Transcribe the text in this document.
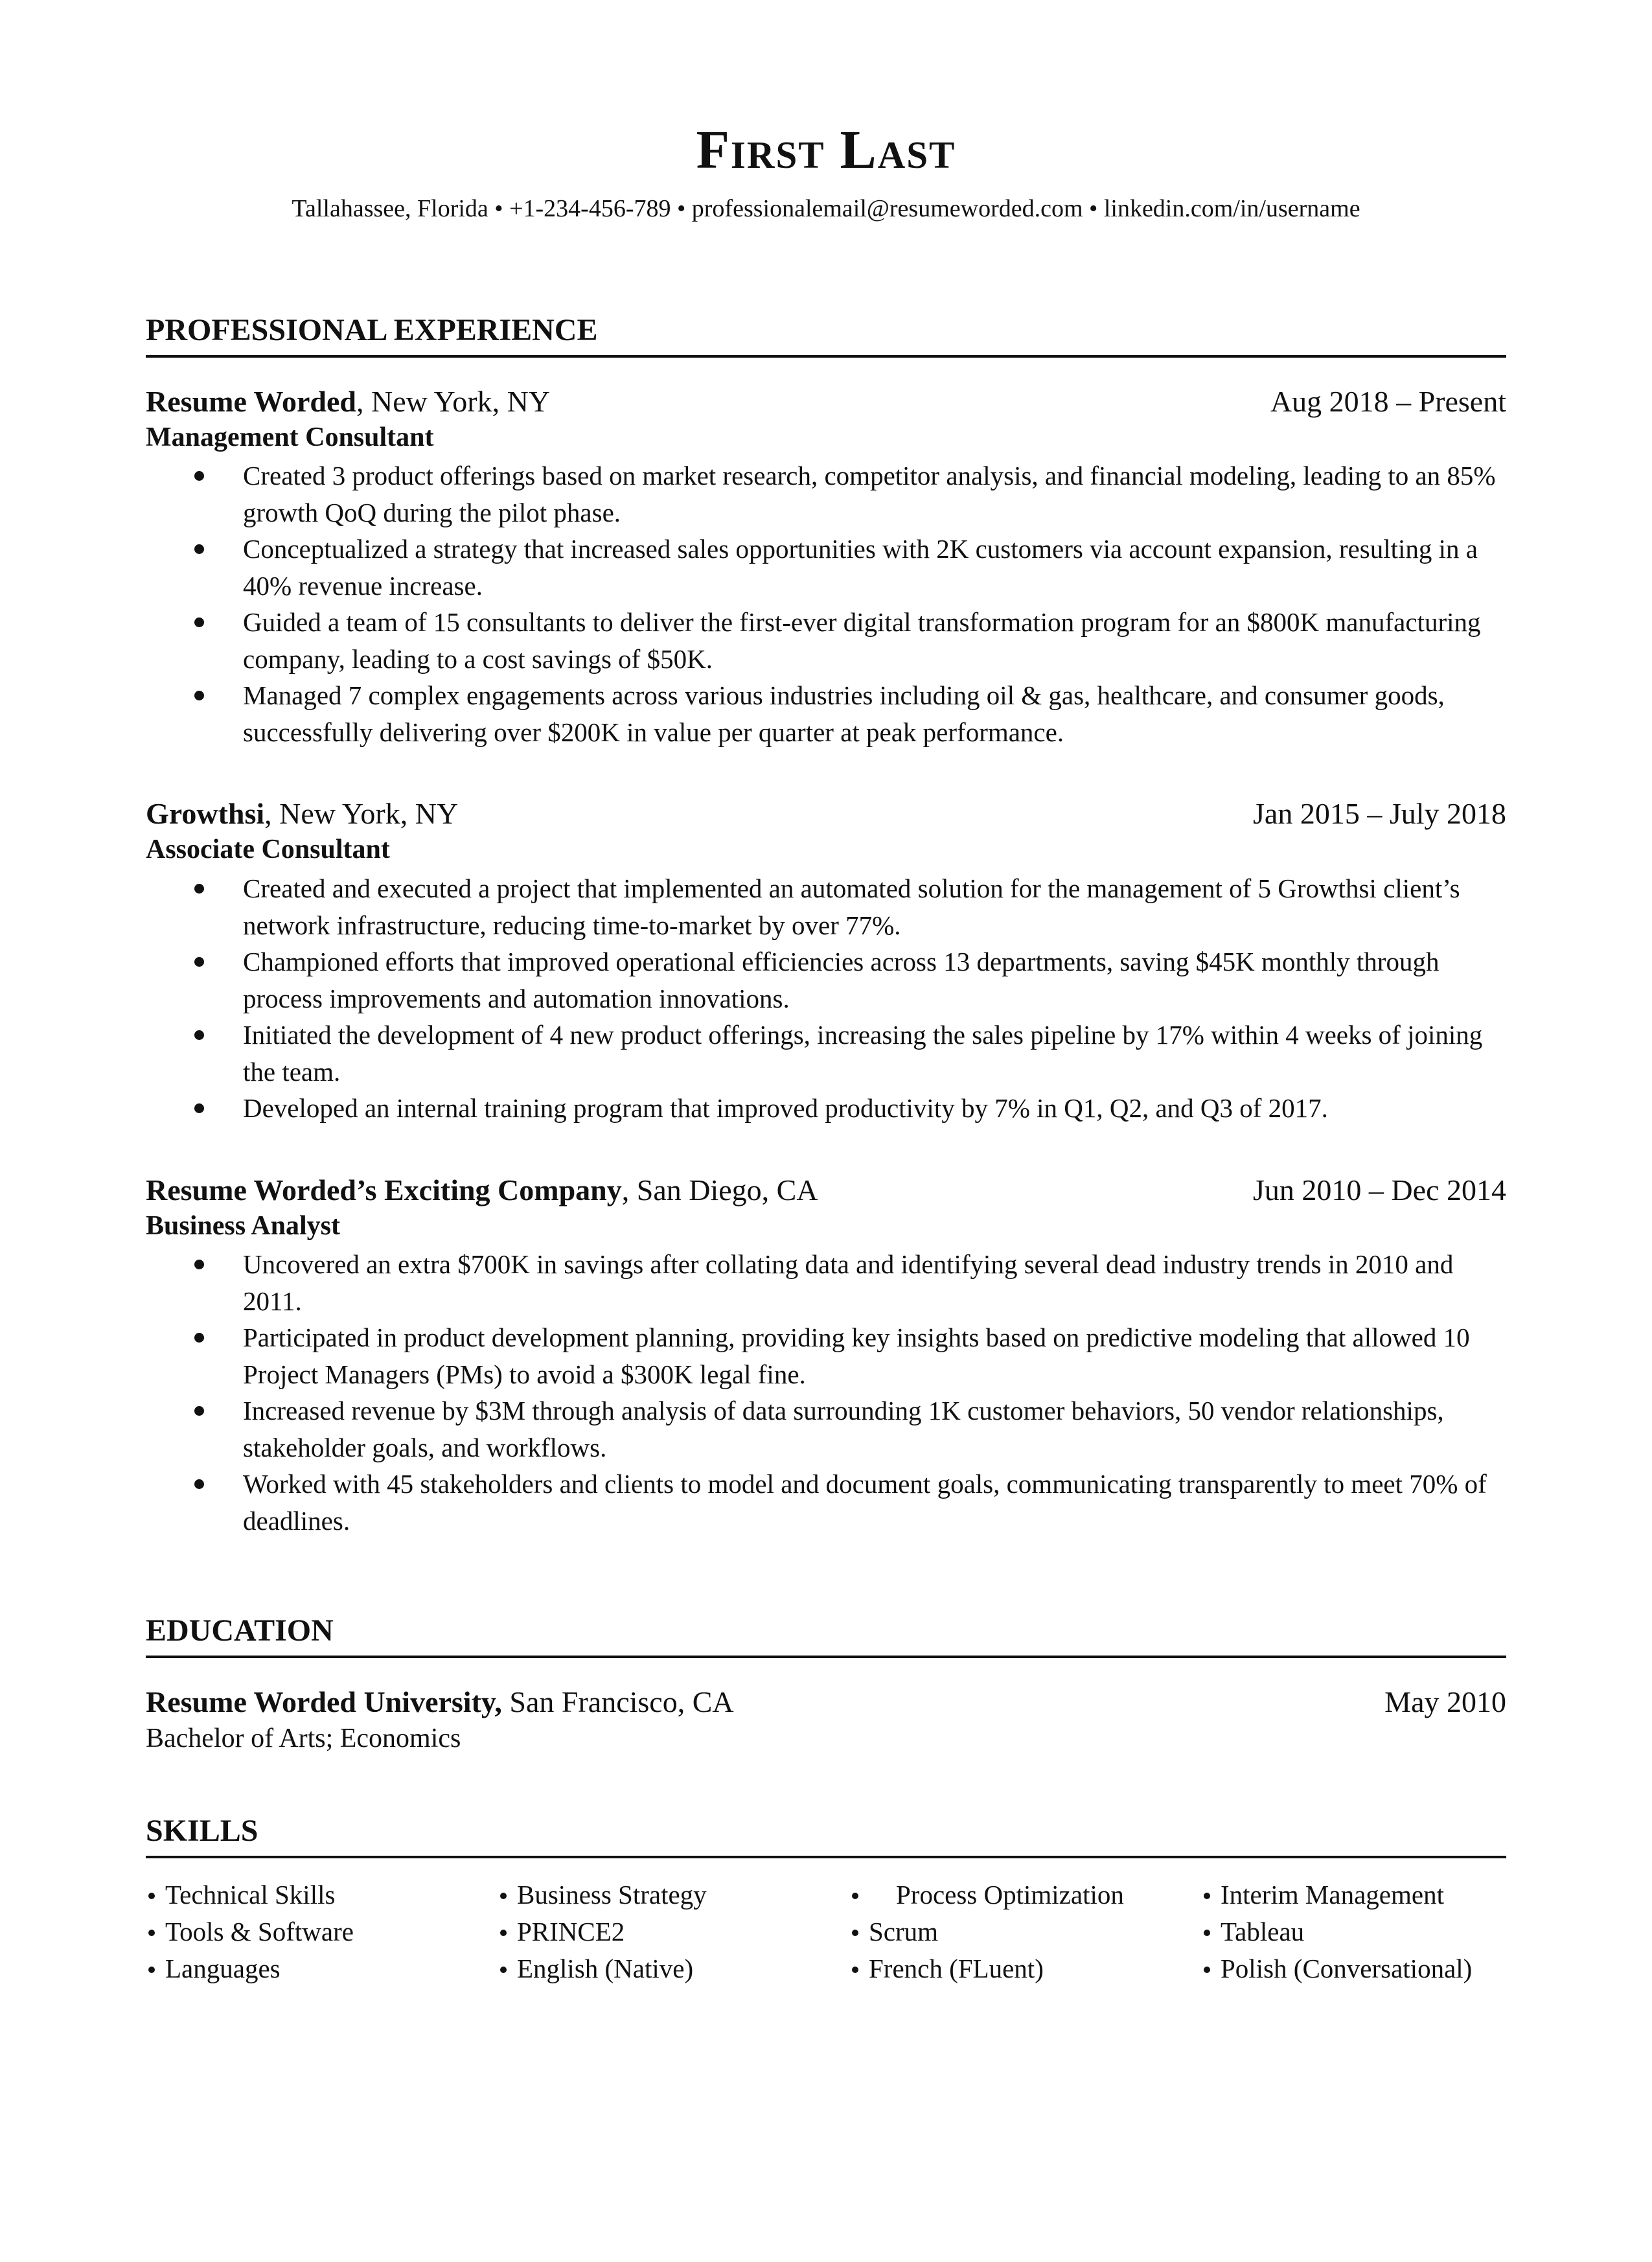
First Last
Tallahassee, Florida • +1-234-456-789 • professionalemail@resumeworded.com • linkedin.com/in/username
PROFESSIONAL EXPERIENCE
Resume Worded, New York, NY	Aug 2018 – Present
Management Consultant
Created 3 product offerings based on market research, competitor analysis, and financial modeling, leading to an 85% growth QoQ during the pilot phase.
Conceptualized a strategy that increased sales opportunities with 2K customers via account expansion, resulting in a 40% revenue increase.
Guided a team of 15 consultants to deliver the first-ever digital transformation program for an $800K manufacturing company, leading to a cost savings of $50K.
Managed 7 complex engagements across various industries including oil & gas, healthcare, and consumer goods, successfully delivering over $200K in value per quarter at peak performance.
Growthsi, New York, NY	Jan 2015 – July 2018
Associate Consultant
Created and executed a project that implemented an automated solution for the management of 5 Growthsi client’s network infrastructure, reducing time-to-market by over 77%.
Championed efforts that improved operational efficiencies across 13 departments, saving $45K monthly through process improvements and automation innovations.
Initiated the development of 4 new product offerings, increasing the sales pipeline by 17% within 4 weeks of joining the team.
Developed an internal training program that improved productivity by 7% in Q1, Q2, and Q3 of 2017.
Resume Worded’s Exciting Company, San Diego, CA	Jun 2010 – Dec 2014
Business Analyst
Uncovered an extra $700K in savings after collating data and identifying several dead industry trends in 2010 and 2011.
Participated in product development planning, providing key insights based on predictive modeling that allowed 10 Project Managers (PMs) to avoid a $300K legal fine.
Increased revenue by $3M through analysis of data surrounding 1K customer behaviors, 50 vendor relationships, stakeholder goals, and workflows.
Worked with 45 stakeholders and clients to model and document goals, communicating transparently to meet 70% of deadlines.
EDUCATION
Resume Worded University, San Francisco, CA	May 2010
Bachelor of Arts; Economics
SKILLS
Technical Skills	Business Strategy	Process Optimization	Interim Management
Tools & Software	PRINCE2	Scrum	Tableau
Languages	English (Native)	French (FLuent)	Polish (Conversational)
